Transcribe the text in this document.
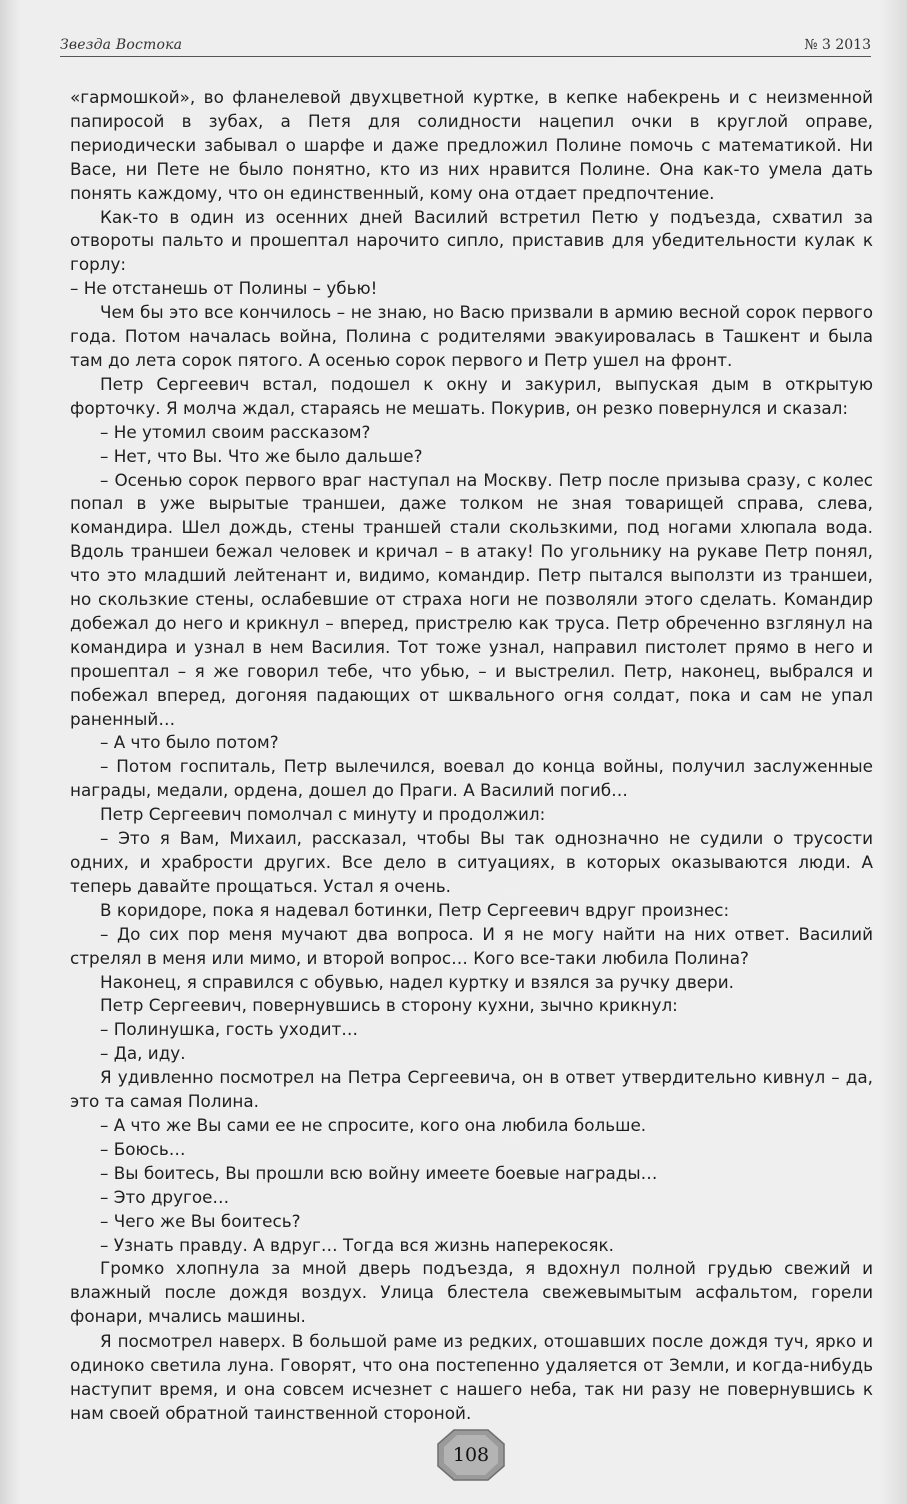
Звезда Востока	№ 3 2013

«гармошкой», во фланелевой двухцветной куртке, в кепке набекрень и с неизменной папиросой в зубах, а Петя для солидности нацепил очки в круглой оправе, периодически забывал о шарфе и даже предложил Полине помочь с математикой. Ни Васе, ни Пете не было понятно, кто из них нравится Полине. Она как-то умела дать понять каждому, что он единственный, кому она отдает предпочтение.

Как-то в один из осенних дней Василий встретил Петю у подъезда, схватил за отвороты пальто и прошептал нарочито сипло, приставив для убедительности кулак к горлу:

– Не отстанешь от Полины – убью!

Чем бы это все кончилось – не знаю, но Васю призвали в армию весной сорок первого года. Потом началась война, Полина с родителями эвакуировалась в Ташкент и была там до лета сорок пятого. А осенью сорок первого и Петр ушел на фронт.

Петр Сергеевич встал, подошел к окну и закурил, выпуская дым в открытую форточку. Я молча ждал, стараясь не мешать. Покурив, он резко повернулся и сказал:

– Не утомил своим рассказом?

– Нет, что Вы. Что же было дальше?

– Осенью сорок первого враг наступал на Москву. Петр после призыва сразу, с колес попал в уже вырытые траншеи, даже толком не зная товарищей справа, слева, командира. Шел дождь, стены траншей стали скользкими, под ногами хлюпала вода. Вдоль траншеи бежал человек и кричал – в атаку! По угольнику на рукаве Петр понял, что это младший лейтенант и, видимо, командир. Петр пытался выползти из траншеи, но скользкие стены, ослабевшие от страха ноги не позволяли этого сделать. Командир добежал до него и крикнул – вперед, пристрелю как труса. Петр обреченно взглянул на командира и узнал в нем Василия. Тот тоже узнал, направил пистолет прямо в него и прошептал – я же говорил тебе, что убью, – и выстрелил. Петр, наконец, выбрался и побежал вперед, догоняя падающих от шквального огня солдат, пока и сам не упал раненный…

– А что было потом?

– Потом госпиталь, Петр вылечился, воевал до конца войны, получил заслуженные награды, медали, ордена, дошел до Праги. А Василий погиб…

Петр Сергеевич помолчал с минуту и продолжил:

– Это я Вам, Михаил, рассказал, чтобы Вы так однозначно не судили о трусости одних, и храбрости других. Все дело в ситуациях, в которых оказываются люди. А теперь давайте прощаться. Устал я очень.

В коридоре, пока я надевал ботинки, Петр Сергеевич вдруг произнес:

– До сих пор меня мучают два вопроса. И я не могу найти на них ответ. Василий стрелял в меня или мимо, и второй вопрос… Кого все-таки любила Полина?

Наконец, я справился с обувью, надел куртку и взялся за ручку двери.

Петр Сергеевич, повернувшись в сторону кухни, зычно крикнул:

– Полинушка, гость уходит…

– Да, иду.

Я удивленно посмотрел на Петра Сергеевича, он в ответ утвердительно кивнул – да, это та самая Полина.

– А что же Вы сами ее не спросите, кого она любила больше.

– Боюсь…

– Вы боитесь, Вы прошли всю войну имеете боевые награды…

– Это другое…

– Чего же Вы боитесь?

– Узнать правду. А вдруг… Тогда вся жизнь наперекосяк.

Громко хлопнула за мной дверь подъезда, я вдохнул полной грудью свежий и влажный после дождя воздух. Улица блестела свежевымытым асфальтом, горели фонари, мчались машины.

Я посмотрел наверх. В большой раме из редких, отошавших после дождя туч, ярко и одиноко светила луна. Говорят, что она постепенно удаляется от Земли, и когда-нибудь наступит время, и она совсем исчезнет с нашего неба, так ни разу не повернувшись к нам своей обратной таинственной стороной.

108
